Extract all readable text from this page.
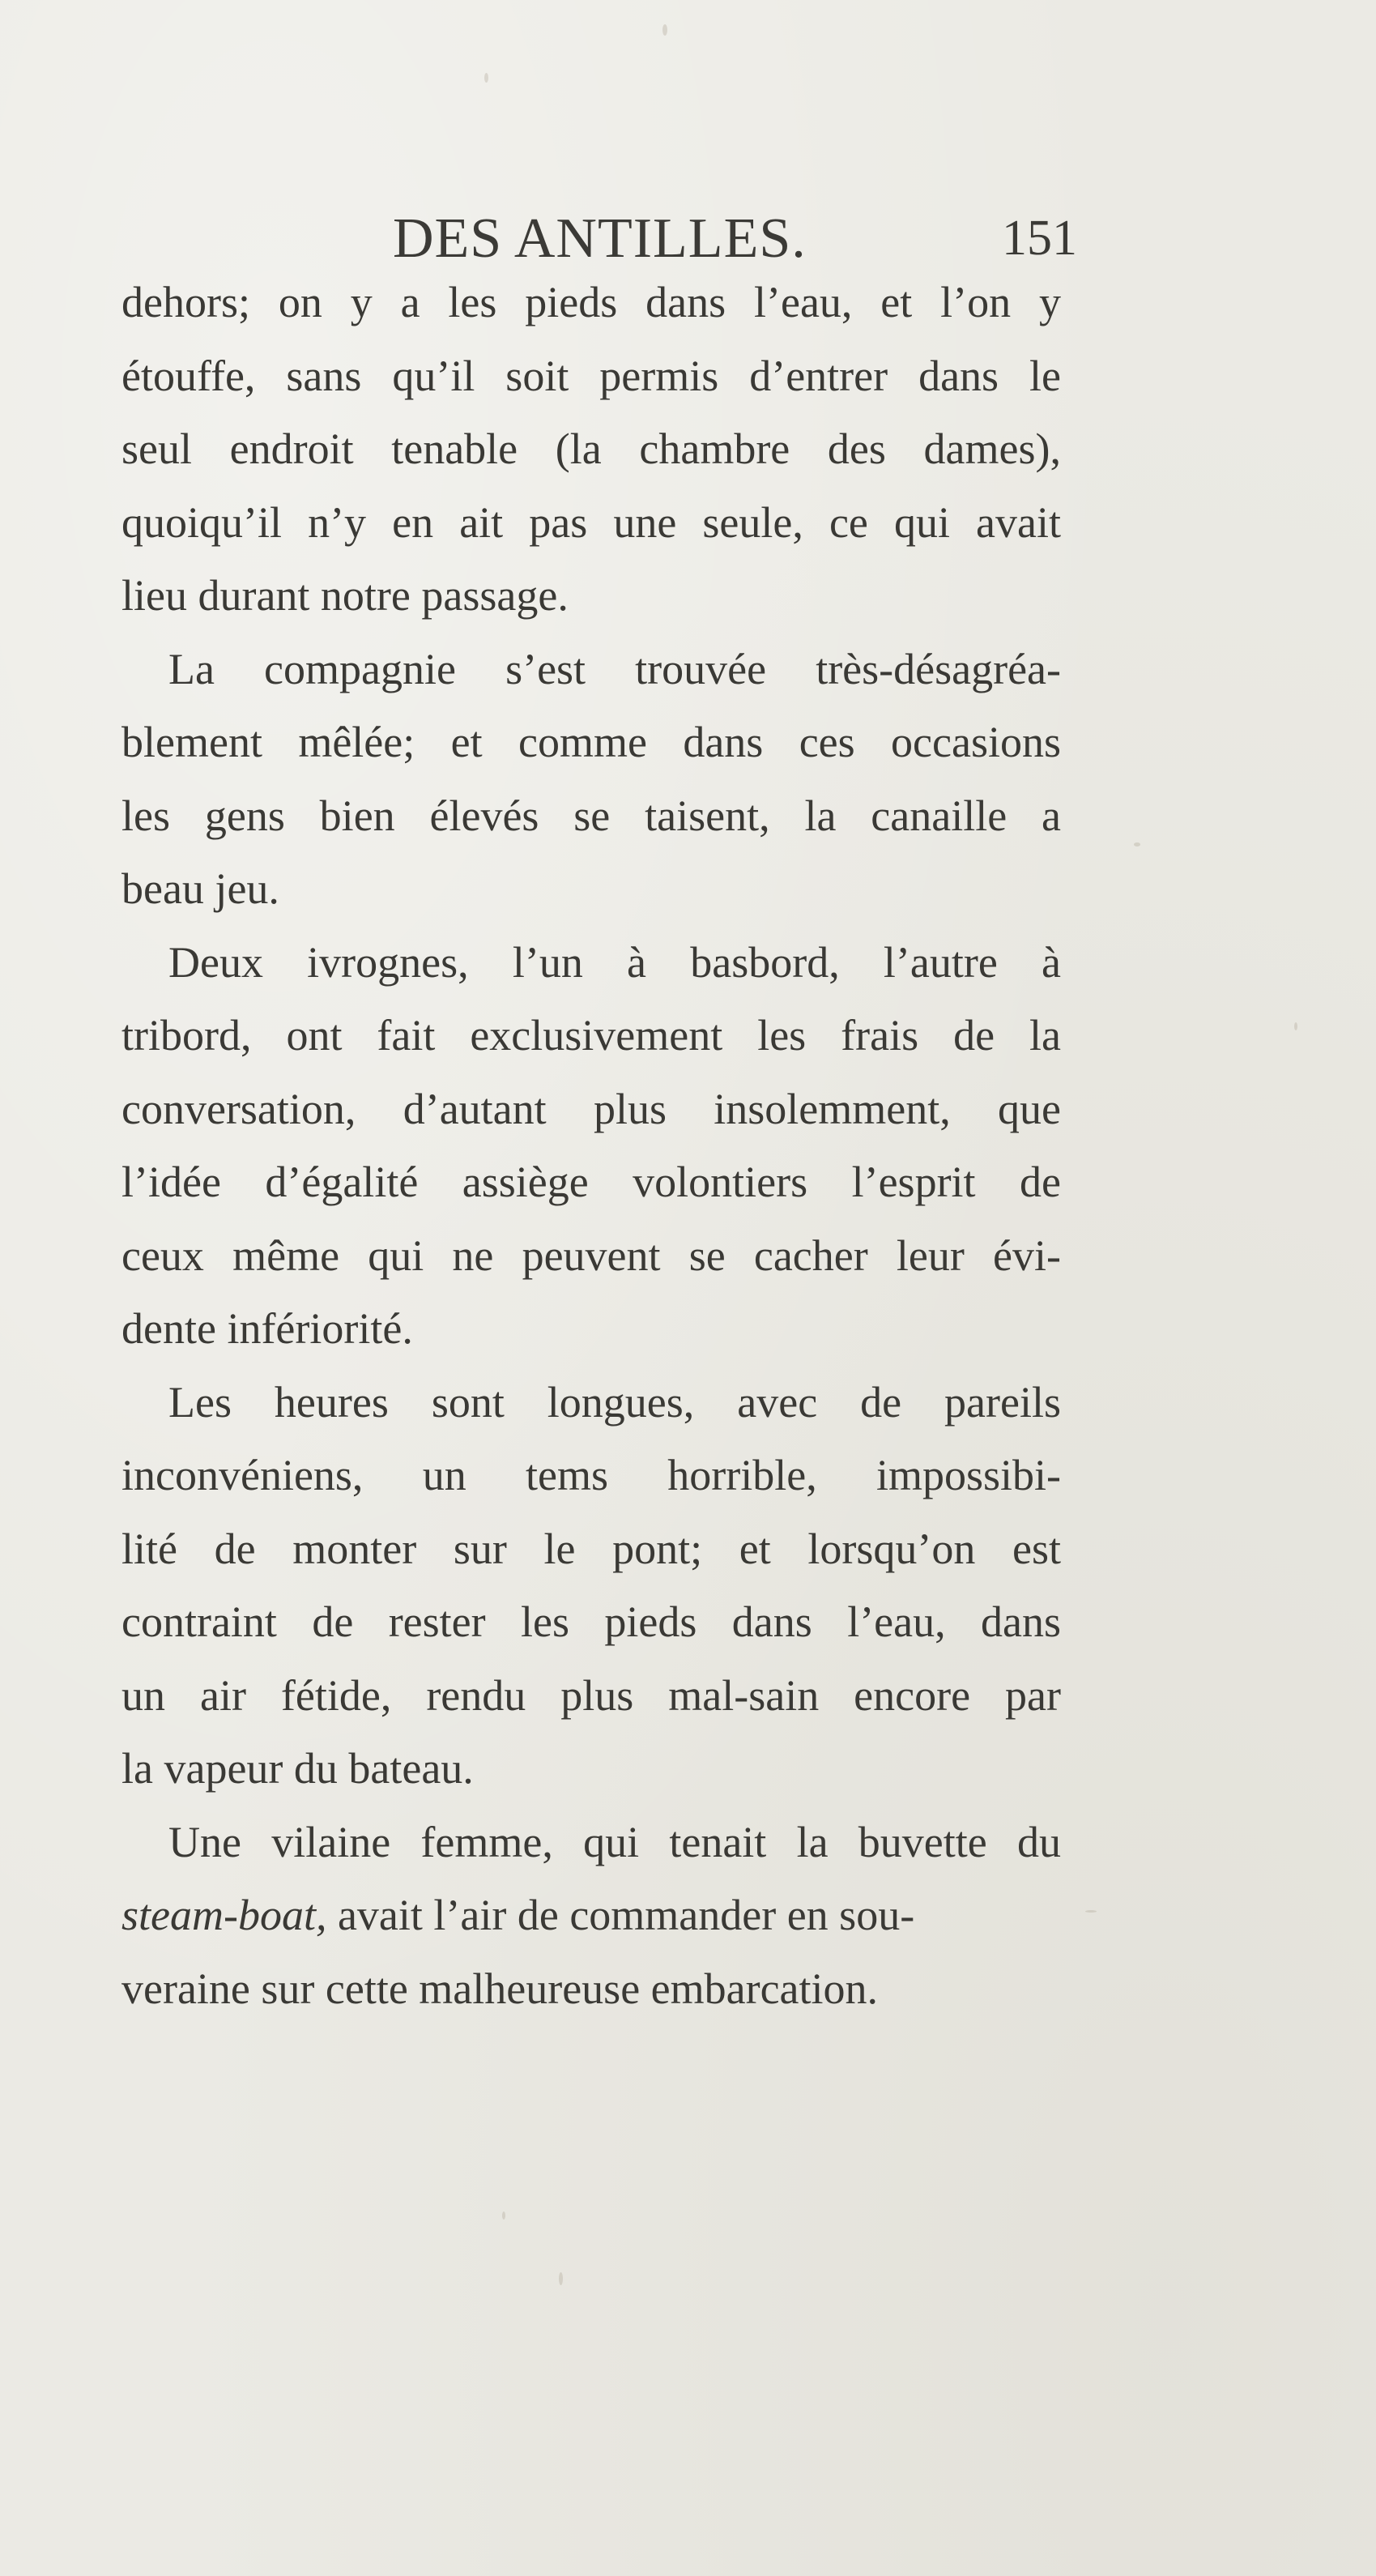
DES ANTILLES.	151
dehors; on y a les pieds dans l’eau, et l’on y
étouffe, sans qu’il soit permis d’entrer dans le
seul endroit tenable (la chambre des dames),
quoiqu’il n’y en ait pas une seule, ce qui avait
lieu durant notre passage.
La compagnie s’est trouvée très-désagréa-
blement mêlée; et comme dans ces occasions
les gens bien élevés se taisent, la canaille a
beau jeu.
Deux ivrognes, l’un à basbord, l’autre à
tribord, ont fait exclusivement les frais de la
conversation, d’autant plus insolemment, que
l’idée d’égalité assiège volontiers l’esprit de
ceux même qui ne peuvent se cacher leur évi-
dente infériorité.
Les heures sont longues, avec de pareils
inconvéniens, un tems horrible, impossibi-
lité de monter sur le pont; et lorsqu’on est
contraint de rester les pieds dans l’eau, dans
un air fétide, rendu plus mal-sain encore par
la vapeur du bateau.
Une vilaine femme, qui tenait la buvette du
steam-boat, avait l’air de commander en sou-
veraine sur cette malheureuse embarcation.
